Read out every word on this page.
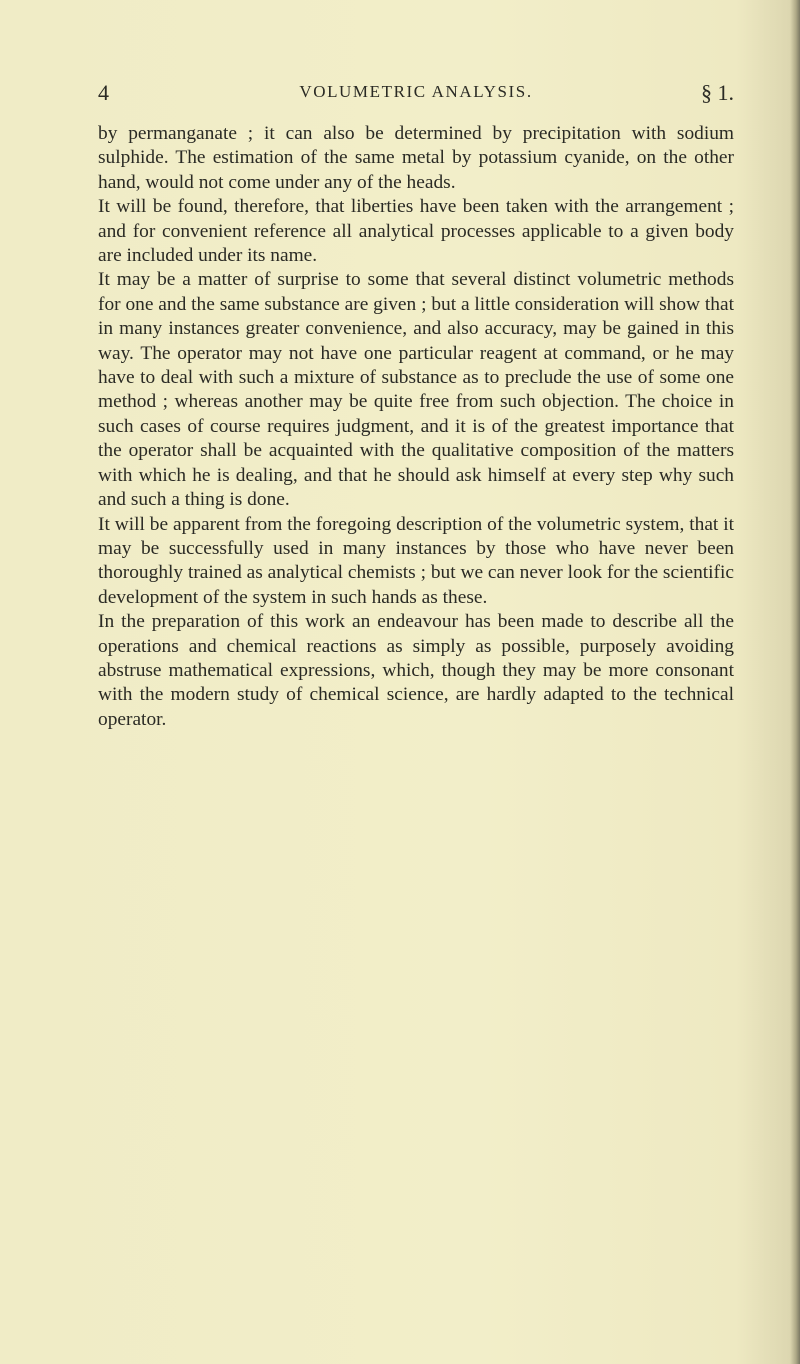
4	VOLUMETRIC ANALYSIS.	§ 1.

by permanganate ; it can also be determined by precipitation with sodium sulphide. The estimation of the same metal by potassium cyanide, on the other hand, would not come under any of the heads.

It will be found, therefore, that liberties have been taken with the arrangement ; and for convenient reference all analytical processes applicable to a given body are included under its name.

It may be a matter of surprise to some that several distinct volumetric methods for one and the same substance are given ; but a little consideration will show that in many instances greater convenience, and also accuracy, may be gained in this way. The operator may not have one particular reagent at command, or he may have to deal with such a mixture of substance as to preclude the use of some one method ; whereas another may be quite free from such objection. The choice in such cases of course requires judgment, and it is of the greatest importance that the operator shall be acquainted with the qualitative composition of the matters with which he is dealing, and that he should ask himself at every step why such and such a thing is done.

It will be apparent from the foregoing description of the volumetric system, that it may be successfully used in many instances by those who have never been thoroughly trained as analytical chemists ; but we can never look for the scientific development of the system in such hands as these.

In the preparation of this work an endeavour has been made to describe all the operations and chemical reactions as simply as possible, purposely avoiding abstruse mathematical expressions, which, though they may be more consonant with the modern study of chemical science, are hardly adapted to the technical operator.
